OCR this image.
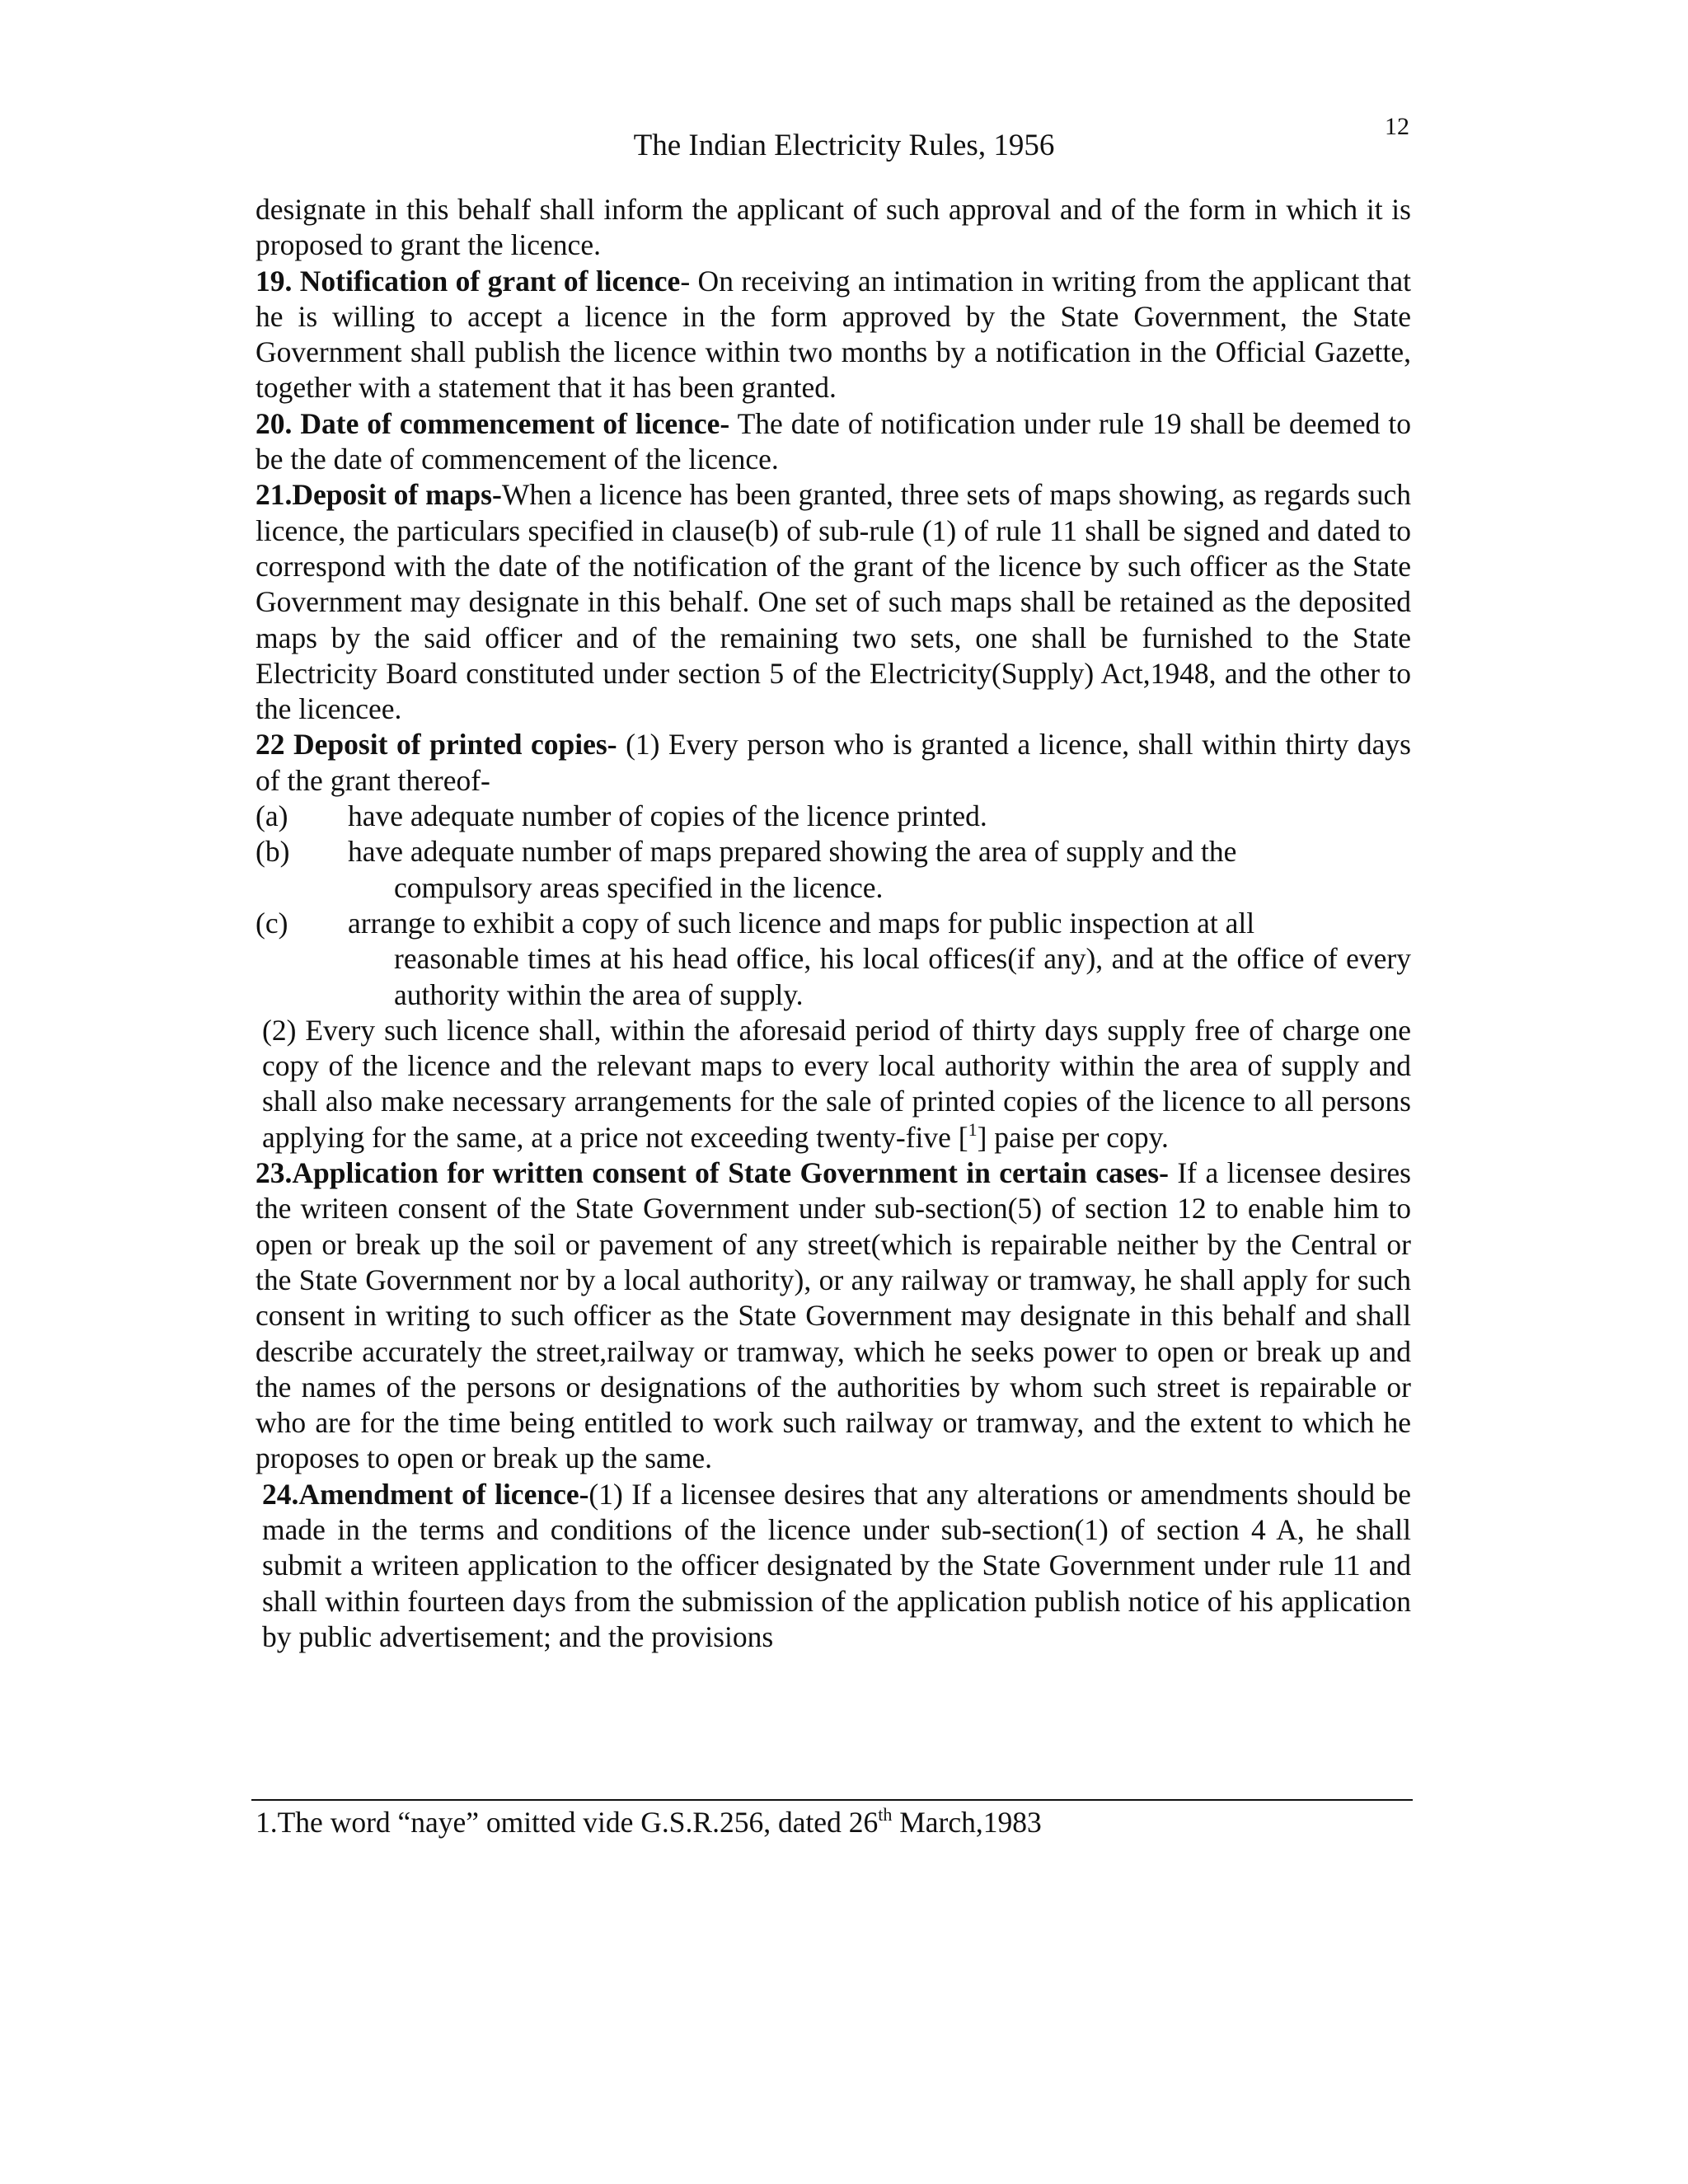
12
The Indian Electricity Rules, 1956

designate in this behalf shall inform the applicant of such approval and of the form in which it is proposed to grant the licence.

19. Notification of grant of licence- On receiving an intimation in writing from the applicant that he is willing to accept a licence in the form approved by the State Government, the State Government shall publish the licence within two months by a notification in the Official Gazette, together with a statement that it has been granted.

20. Date of commencement of licence- The date of notification under rule 19 shall be deemed to be the date of commencement of the licence.

21.Deposit of maps-When a licence has been granted, three sets of maps showing, as regards such licence, the particulars specified in clause(b) of sub-rule (1) of rule 11 shall be signed and dated to correspond with the date of the notification of the grant of the licence by such officer as the State Government may designate in this behalf. One set of such maps shall be retained as the deposited maps by the said officer and of the remaining two sets, one shall be furnished to the State Electricity Board constituted under section 5 of the Electricity(Supply) Act,1948, and the other to the licencee.

22 Deposit of printed copies- (1) Every person who is granted a licence, shall within thirty days of the grant thereof-

(a)	have adequate number of copies of the licence printed.
(b)	have adequate number of maps prepared showing the area of supply and the
compulsory areas specified in the licence.
(c)	arrange to exhibit a copy of such licence and maps for public inspection at all
reasonable times at his head office, his local offices(if any), and at the office of every authority within the area of supply.

(2) Every such licence shall, within the aforesaid period of thirty days supply free of charge one copy of the licence and the relevant maps to every local authority within the area of supply and shall also make necessary arrangements for the sale of printed copies of the licence to all persons applying for the same, at a price not exceeding twenty-five [$^1$] paise per copy.

23.Application for written consent of State Government in certain cases- If a licensee desires the writeen consent of the State Government under sub-section(5) of section 12 to enable him to open or break up the soil or pavement of any street(which is repairable neither by the Central or the State Government nor by a local authority), or any railway or tramway, he shall apply for such consent in writing to such officer as the State Government may designate in this behalf and shall describe accurately the street,railway or tramway, which he seeks power to open or break up and the names of the persons or designations of the authorities by whom such street is repairable or who are for the time being entitled to work such railway or tramway, and the extent to which he proposes to open or break up the same.

24.Amendment of licence-(1) If a licensee desires that any alterations or amendments should be made in the terms and conditions of the licence under sub-section(1) of section 4 A, he shall submit a writeen application to the officer designated by the State Government under rule 11 and shall within fourteen days from the submission of the application publish notice of his application by public advertisement; and the provisions

1.The word “naye” omitted vide G.S.R.256, dated 26th March,1983
